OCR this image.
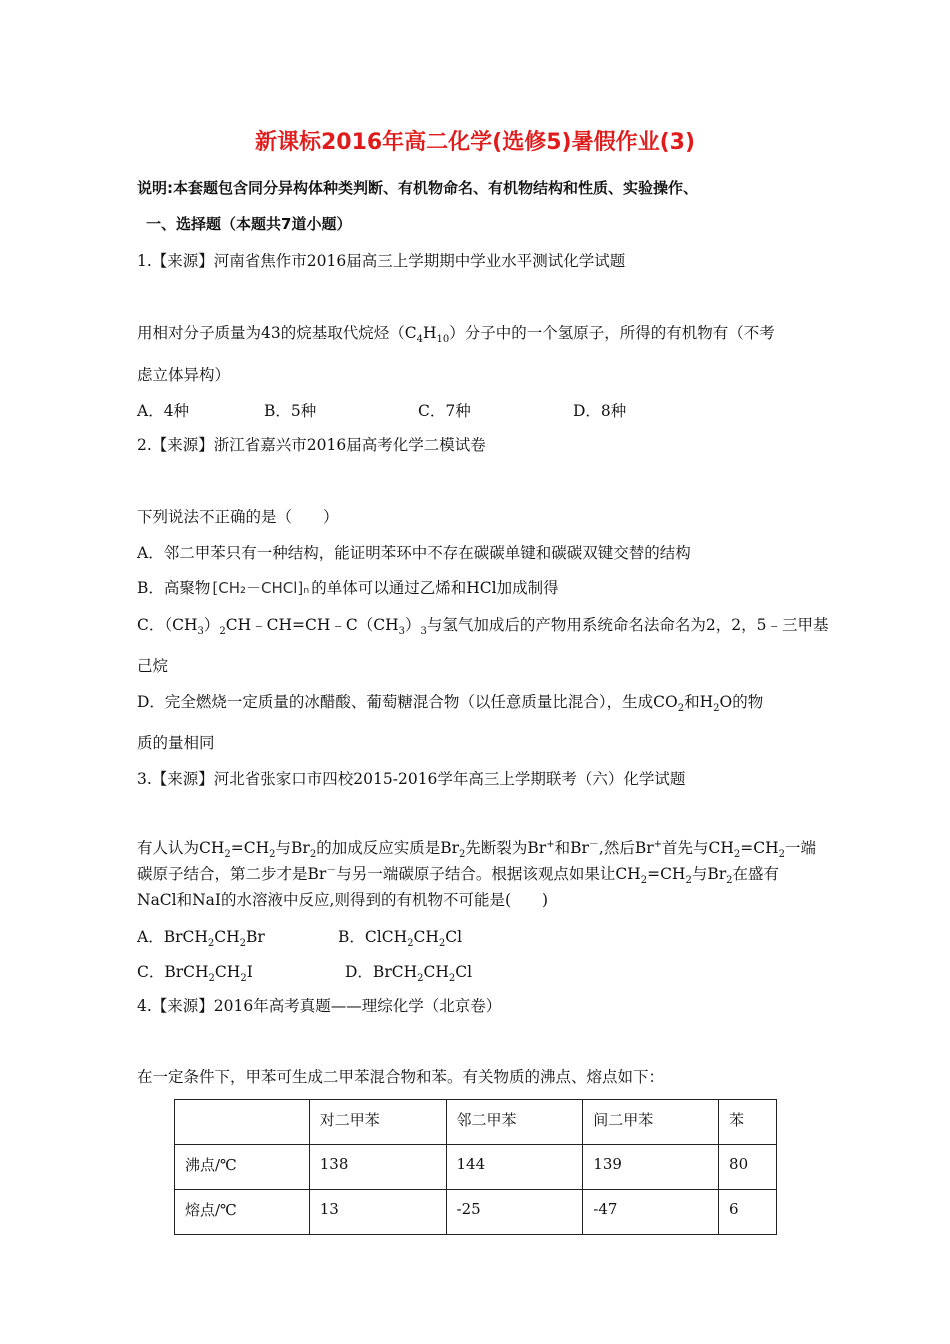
新课标2016年高二化学(选修5)暑假作业(3)
说明:本套题包含同分异构体种类判断、有机物命名、有机物结构和性质、实验操作、
一、选择题（本题共7道小题）
1.【来源】河南省焦作市2016届高三上学期期中学业水平测试化学试题
用相对分子质量为43的烷基取代烷烃$(C_4H_{10})$分子中的一个氢原子，所得的有机物有（不考
虑立体异构）
A．4种	B．5种	C．7种	D．8种
2.【来源】浙江省嘉兴市2016届高考化学二模试卷
下列说法不正确的是（　　）
A．邻二甲苯只有一种结构，能证明苯环中不存在碳碳单键和碳碳双键交替的结构
B．高聚物 [CH₂－CHCl]ₙ 的单体可以通过乙烯和HCl加成制得
C．$(CH_3)_2CH﹣CH=CH﹣C(CH_3)_3$与氢气加成后的产物用系统命名法命名为2，2，5﹣三甲基
己烷
D．完全燃烧一定质量的冰醋酸、葡萄糖混合物（以任意质量比混合），生成$CO_2$和$H_2O$的物
质的量相同
3.【来源】河北省张家口市四校2015-2016学年高三上学期联考（六）化学试题
有人认为$CH_2=CH_2$与$Br_2$的加成反应实质是$Br_2$先断裂为Br+和Br－,然后Br+首先与$CH_2=CH_2$一端
碳原子结合，第二步才是Br－与另一端碳原子结合。根据该观点如果让$CH_2=CH_2$与$Br_2$在盛有
NaCl和NaI的水溶液中反应,则得到的有机物不可能是(　　)
A．$BrCH_2CH_2Br$	B．$ClCH_2CH_2Cl$
C．$BrCH_2CH_2I$	D．$BrCH_2CH_2Cl$
4.【来源】2016年高考真题——理综化学（北京卷）
在一定条件下，甲苯可生成二甲苯混合物和苯。有关物质的沸点、熔点如下：
	对二甲苯	邻二甲苯	间二甲苯	苯
沸点/℃	138	144	139	80
熔点/℃	13	-25	-47	6
